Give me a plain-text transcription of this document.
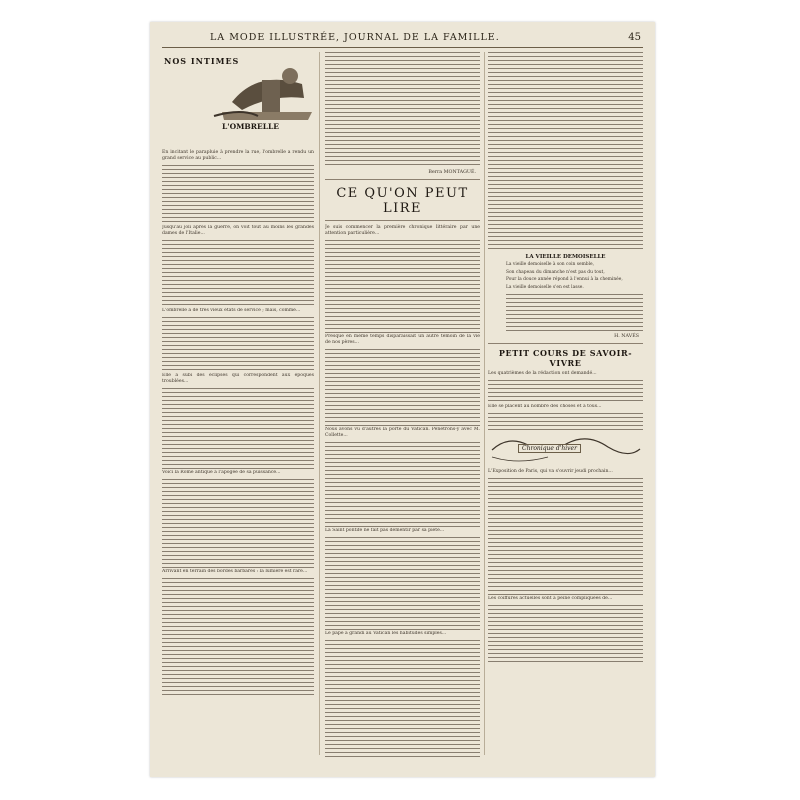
LA MODE ILLUSTRÉE, JOURNAL DE LA FAMILLE.	45
NOS INTIMES
L'OMBRELLE

En incitant le parapluie à prendre la rue, l'ombrelle a rendu un grand service au public...

Jusqu'au joli après la guerre, on voit tout au moins les grandes dames de l'Italie...

L'ombrelle a de très vieux états de service ; mais, comme...

Elle a subi des éclipses qui correspondent aux époques troublées...

Voici la Rome antique à l'apogée de sa puissance...

Arrivant en terrain des bordes barbares : la lumière est rare...

Berra MONTAGUÉ.
CE QU'ON PEUT LIRE

Je suis commencer la première chronique littéraire par une attention particulière...

Presque en même temps disparaissait un autre témoin de la vie de nos pères...

Nous avons vu d'autres la porte du Vatican. Pénétrons-y avec M. Collette...

La Saint pontife ne fait pas démentir par sa piété...

Le pape a grandi au Vatican les habitudes simples...

LA VIEILLE DEMOISELLE
La vieille demoiselle à son coin semble,
Son chapeau du dimanche n'est pas du tout,
Pour la douce année répond à l'ennui à la cheminée,
La vieille demoiselle s'en est lasse.
H. NAVÉS
PETIT COURS DE SAVOIR-VIVRE

Les quatrièmes de la rédaction ont demandé...

Elle se placent au nombre des choses et à tous...

Chronique d'hiver

L'Exposition de Paris, qui va s'ouvrir jeudi prochain...

Les coiffures actuelles sont à peine compliquées de...
